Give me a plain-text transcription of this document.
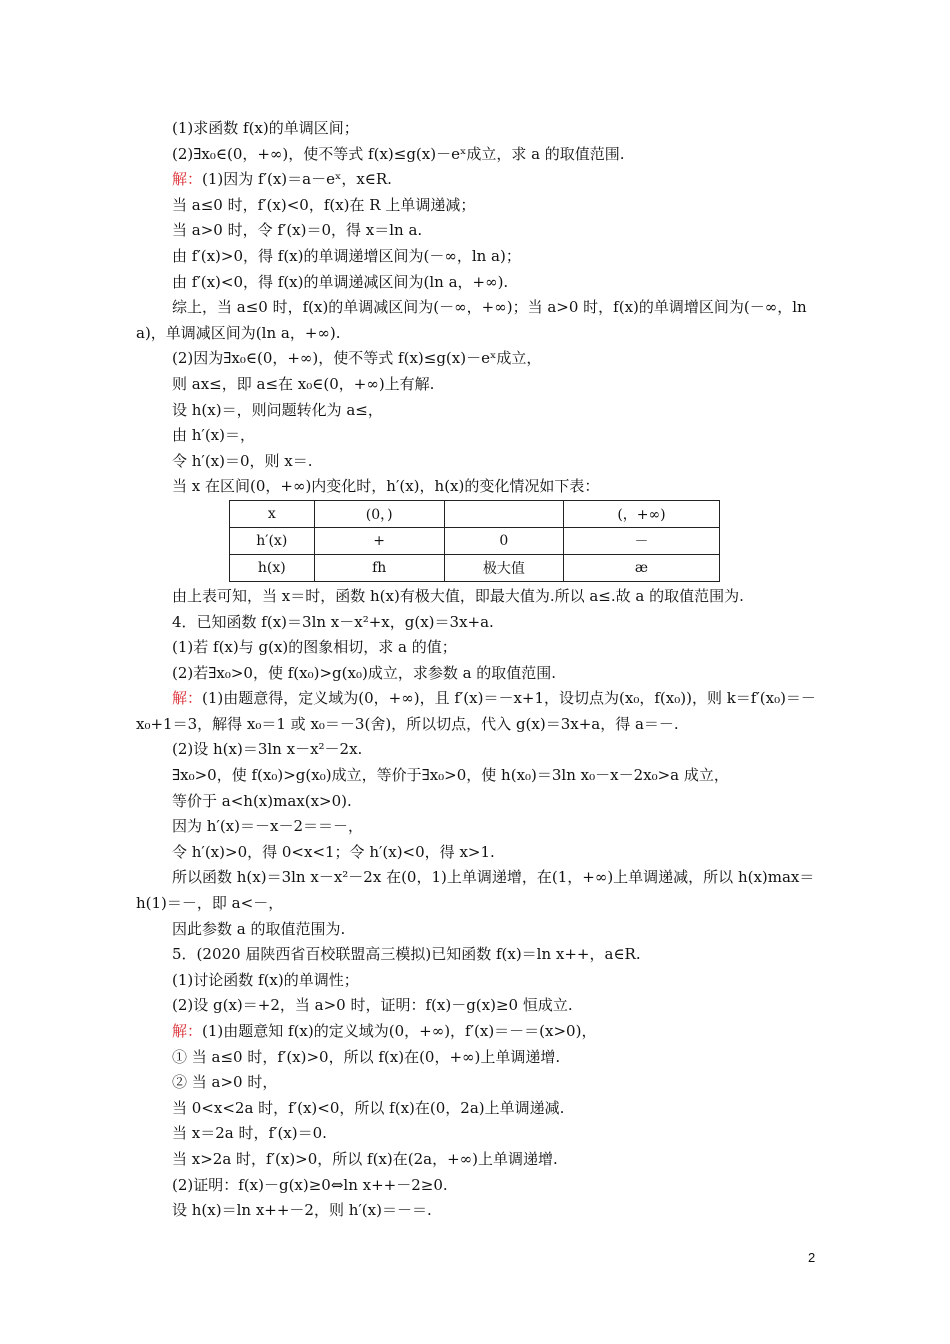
(1)求函数 f(x)的单调区间；

(2)∃x₀∈(0，+∞)，使不等式 f(x)≤g(x)－eˣ成立，求 a 的取值范围.

解：(1)因为 f′(x)＝a－eˣ，x∈R.

当 a≤0 时，f′(x)<0，f(x)在 R 上单调递减；

当 a>0 时，令 f′(x)＝0，得 x＝ln a.

由 f′(x)>0，得 f(x)的单调递增区间为(－∞，ln a)；

由 f′(x)<0，得 f(x)的单调递减区间为(ln a，+∞).

综上，当 a≤0 时，f(x)的单调减区间为(－∞，+∞)；当 a>0 时，f(x)的单调增区间为(－∞，ln a)，单调减区间为(ln a，+∞).

(2)因为∃x₀∈(0，+∞)，使不等式 f(x)≤g(x)－eˣ成立，

则 ax≤，即 a≤在 x₀∈(0，+∞)上有解.

设 h(x)＝，则问题转化为 a≤，

由 h′(x)＝，

令 h′(x)＝0，则 x＝.

当 x 在区间(0，+∞)内变化时，h′(x)，h(x)的变化情况如下表：

由上表可知，当 x＝时，函数 h(x)有极大值，即最大值为.所以 a≤.故 a 的取值范围为.

4．已知函数 f(x)＝3ln x－x²+x，g(x)＝3x+a.

(1)若 f(x)与 g(x)的图象相切，求 a 的值；

(2)若∃x₀>0，使 f(x₀)>g(x₀)成立，求参数 a 的取值范围.

解：(1)由题意得，定义域为(0，+∞)，且 f′(x)＝－x+1，设切点为(x₀，f(x₀))，则 k＝f′(x₀)＝－x₀+1＝3，解得 x₀＝1 或 x₀＝－3(舍)，所以切点，代入 g(x)＝3x+a，得 a＝－.

(2)设 h(x)＝3ln x－x²－2x.

∃x₀>0，使 f(x₀)>g(x₀)成立，等价于∃x₀>0，使 h(x₀)＝3ln x₀－x－2x₀>a 成立，

等价于 a<h(x)max(x>0).

因为 h′(x)＝－x－2＝＝－，

令 h′(x)>0，得 0<x<1；令 h′(x)<0，得 x>1.

所以函数 h(x)＝3ln x－x²－2x 在(0，1)上单调递增，在(1，+∞)上单调递减，所以 h(x)max＝h(1)＝－，即 a<－，

因此参数 a 的取值范围为.

5．(2020 届陕西省百校联盟高三模拟)已知函数 f(x)＝ln x++，a∈R.

(1)讨论函数 f(x)的单调性；

(2)设 g(x)＝+2，当 a>0 时，证明：f(x)－g(x)≥0 恒成立.

解：(1)由题意知 f(x)的定义域为(0，+∞)，f′(x)＝－＝(x>0)，

① 当 a≤0 时，f′(x)>0，所以 f(x)在(0，+∞)上单调递增.

② 当 a>0 时，

当 0<x<2a 时，f′(x)<0，所以 f(x)在(0，2a)上单调递减.

当 x＝2a 时，f′(x)＝0.

当 x>2a 时，f′(x)>0，所以 f(x)在(2a，+∞)上单调递增.

(2)证明：f(x)－g(x)≥0⇔ln x++－2≥0.

设 h(x)＝ln x++－2，则 h′(x)＝－＝.

x	(0，)		(，+∞)
h′(x)	+	0	－
h(x)	fh	极大值	æ
2
